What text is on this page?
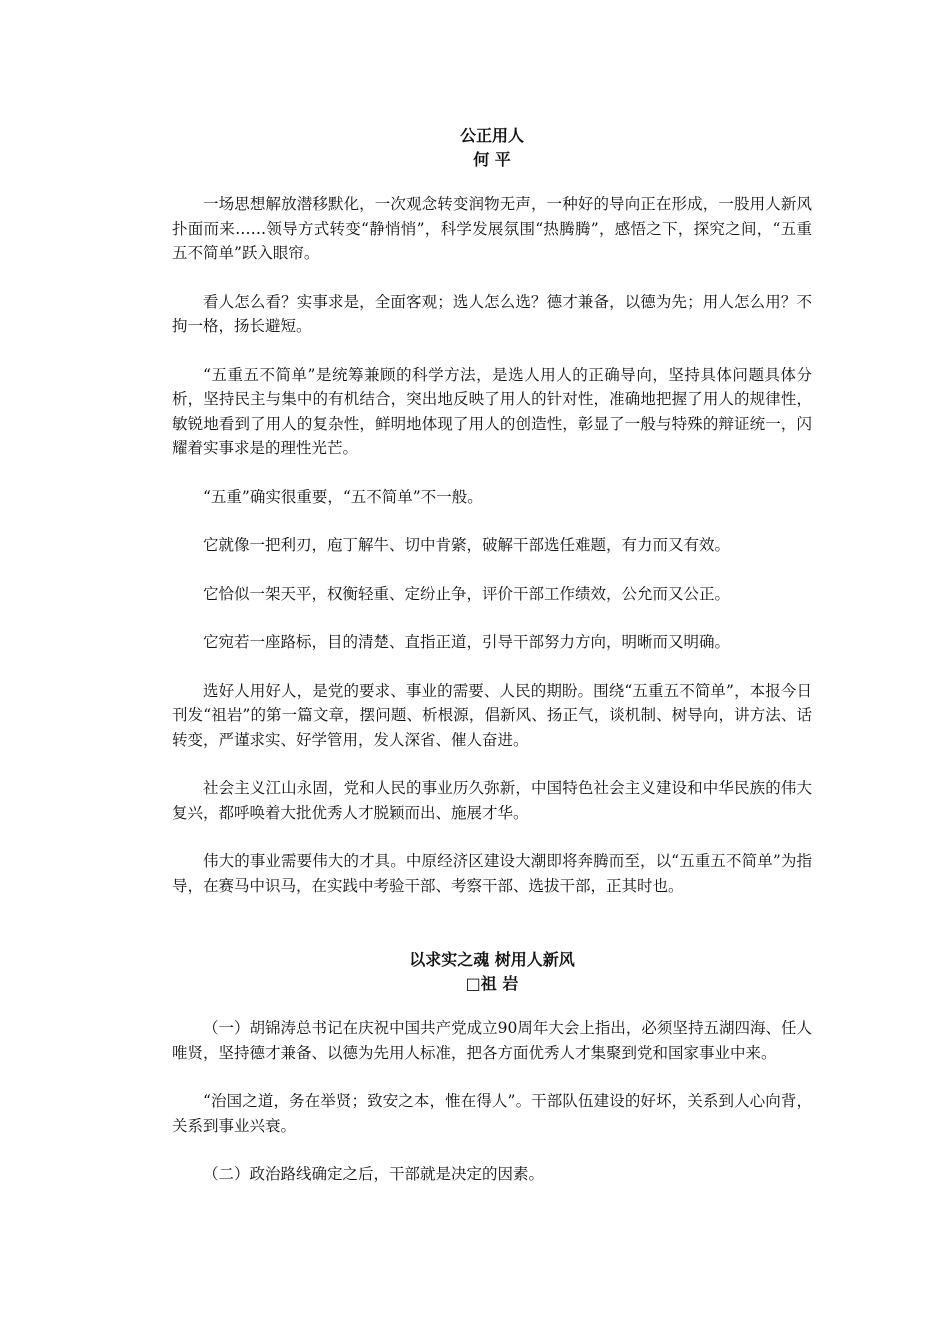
公正用人
何 平

一场思想解放潜移默化，一次观念转变润物无声，一种好的导向正在形成，一股用人新风扑面而来……领导方式转变“静悄悄”，科学发展氛围“热腾腾”，感悟之下，探究之间，“五重五不简单”跃入眼帘。

看人怎么看？实事求是，全面客观；选人怎么选？德才兼备，以德为先；用人怎么用？不拘一格，扬长避短。

“五重五不简单”是统筹兼顾的科学方法，是选人用人的正确导向，坚持具体问题具体分析，坚持民主与集中的有机结合，突出地反映了用人的针对性，准确地把握了用人的规律性，敏锐地看到了用人的复杂性，鲜明地体现了用人的创造性，彰显了一般与特殊的辩证统一，闪耀着实事求是的理性光芒。

“五重”确实很重要，“五不简单”不一般。

它就像一把利刃，庖丁解牛、切中肯綮，破解干部选任难题，有力而又有效。

它恰似一架天平，权衡轻重、定纷止争，评价干部工作绩效，公允而又公正。

它宛若一座路标，目的清楚、直指正道，引导干部努力方向，明晰而又明确。

选好人用好人，是党的要求、事业的需要、人民的期盼。围绕“五重五不简单”，本报今日刊发“祖岩”的第一篇文章，摆问题、析根源，倡新风、扬正气，谈机制、树导向，讲方法、话转变，严谨求实、好学管用，发人深省、催人奋进。

社会主义江山永固，党和人民的事业历久弥新，中国特色社会主义建设和中华民族的伟大复兴，都呼唤着大批优秀人才脱颖而出、施展才华。

伟大的事业需要伟大的才具。中原经济区建设大潮即将奔腾而至，以“五重五不简单”为指导，在赛马中识马，在实践中考验干部、考察干部、选拔干部，正其时也。

以求实之魂 树用人新风
□祖 岩

（一）胡锦涛总书记在庆祝中国共产党成立90周年大会上指出，必须坚持五湖四海、任人唯贤，坚持德才兼备、以德为先用人标准，把各方面优秀人才集聚到党和国家事业中来。

“治国之道，务在举贤；致安之本，惟在得人”。干部队伍建设的好坏，关系到人心向背，关系到事业兴衰。

（二）政治路线确定之后，干部就是决定的因素。
